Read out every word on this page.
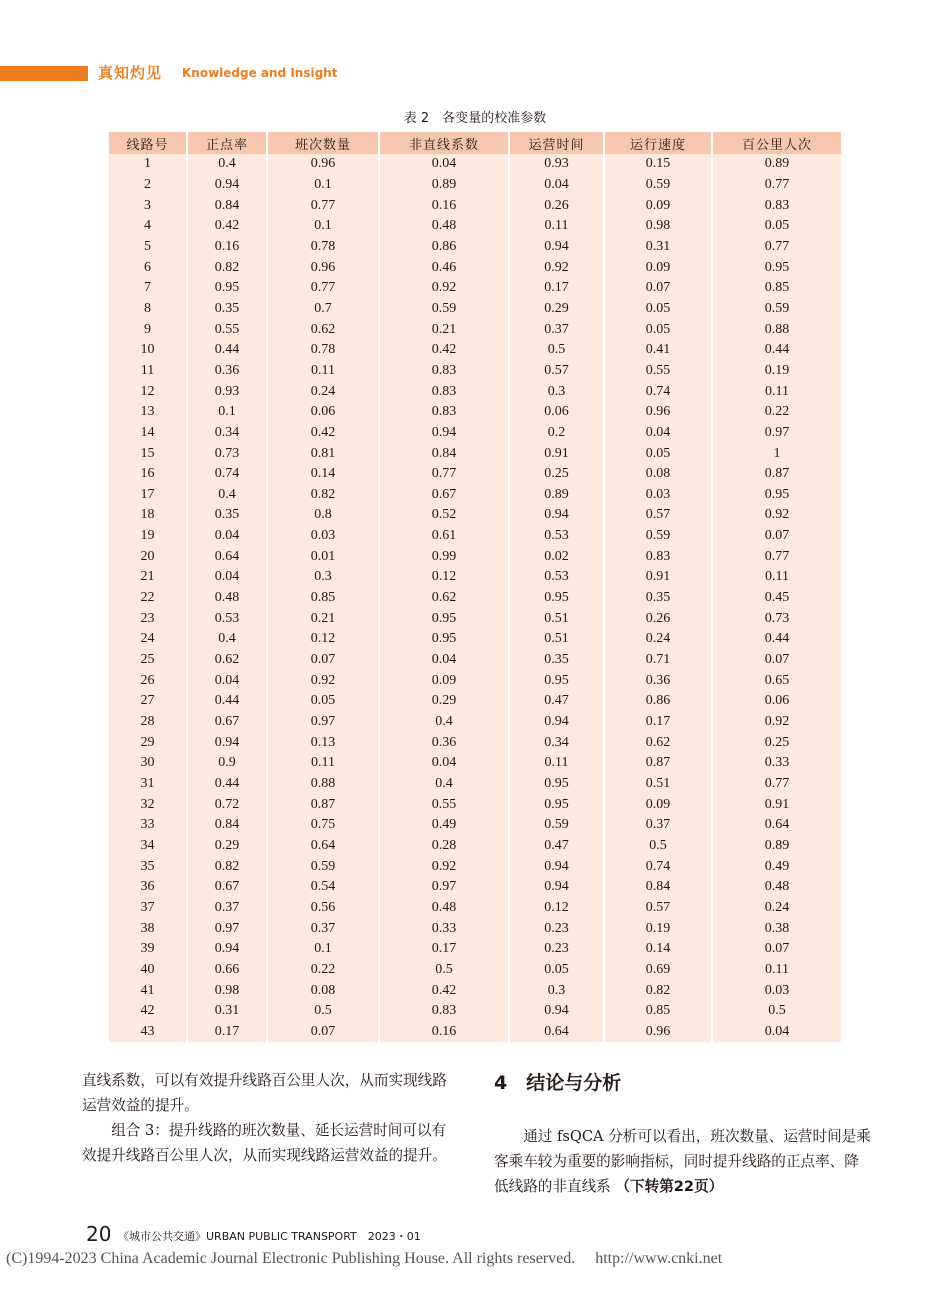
真知灼见 Knowledge and Insight
表 2　各变量的校准参数
线路号	正点率	班次数量	非直线系数	运营时间	运行速度	百公里人次
1	0.4	0.96	0.04	0.93	0.15	0.89
2	0.94	0.1	0.89	0.04	0.59	0.77
3	0.84	0.77	0.16	0.26	0.09	0.83
4	0.42	0.1	0.48	0.11	0.98	0.05
5	0.16	0.78	0.86	0.94	0.31	0.77
6	0.82	0.96	0.46	0.92	0.09	0.95
7	0.95	0.77	0.92	0.17	0.07	0.85
8	0.35	0.7	0.59	0.29	0.05	0.59
9	0.55	0.62	0.21	0.37	0.05	0.88
10	0.44	0.78	0.42	0.5	0.41	0.44
11	0.36	0.11	0.83	0.57	0.55	0.19
12	0.93	0.24	0.83	0.3	0.74	0.11
13	0.1	0.06	0.83	0.06	0.96	0.22
14	0.34	0.42	0.94	0.2	0.04	0.97
15	0.73	0.81	0.84	0.91	0.05	1
16	0.74	0.14	0.77	0.25	0.08	0.87
17	0.4	0.82	0.67	0.89	0.03	0.95
18	0.35	0.8	0.52	0.94	0.57	0.92
19	0.04	0.03	0.61	0.53	0.59	0.07
20	0.64	0.01	0.99	0.02	0.83	0.77
21	0.04	0.3	0.12	0.53	0.91	0.11
22	0.48	0.85	0.62	0.95	0.35	0.45
23	0.53	0.21	0.95	0.51	0.26	0.73
24	0.4	0.12	0.95	0.51	0.24	0.44
25	0.62	0.07	0.04	0.35	0.71	0.07
26	0.04	0.92	0.09	0.95	0.36	0.65
27	0.44	0.05	0.29	0.47	0.86	0.06
28	0.67	0.97	0.4	0.94	0.17	0.92
29	0.94	0.13	0.36	0.34	0.62	0.25
30	0.9	0.11	0.04	0.11	0.87	0.33
31	0.44	0.88	0.4	0.95	0.51	0.77
32	0.72	0.87	0.55	0.95	0.09	0.91
33	0.84	0.75	0.49	0.59	0.37	0.64
34	0.29	0.64	0.28	0.47	0.5	0.89
35	0.82	0.59	0.92	0.94	0.74	0.49
36	0.67	0.54	0.97	0.94	0.84	0.48
37	0.37	0.56	0.48	0.12	0.57	0.24
38	0.97	0.37	0.33	0.23	0.19	0.38
39	0.94	0.1	0.17	0.23	0.14	0.07
40	0.66	0.22	0.5	0.05	0.69	0.11
41	0.98	0.08	0.42	0.3	0.82	0.03
42	0.31	0.5	0.83	0.94	0.85	0.5
43	0.17	0.07	0.16	0.64	0.96	0.04

直线系数，可以有效提升线路百公里人次，从而实现线路运营效益的提升。

组合 3：提升线路的班次数量、延长运营时间可以有效提升线路百公里人次，从而实现线路运营效益的提升。

4　结论与分析

通过 fsQCA 分析可以看出，班次数量、运营时间是乘客乘车较为重要的影响指标，同时提升线路的正点率、降低线路的非直线系 （下转第22页）

20 《城市公共交通》URBAN PUBLIC TRANSPORT　2023・01
(C)1994-2023 China Academic Journal Electronic Publishing House. All rights reserved.　 http://www.cnki.net
